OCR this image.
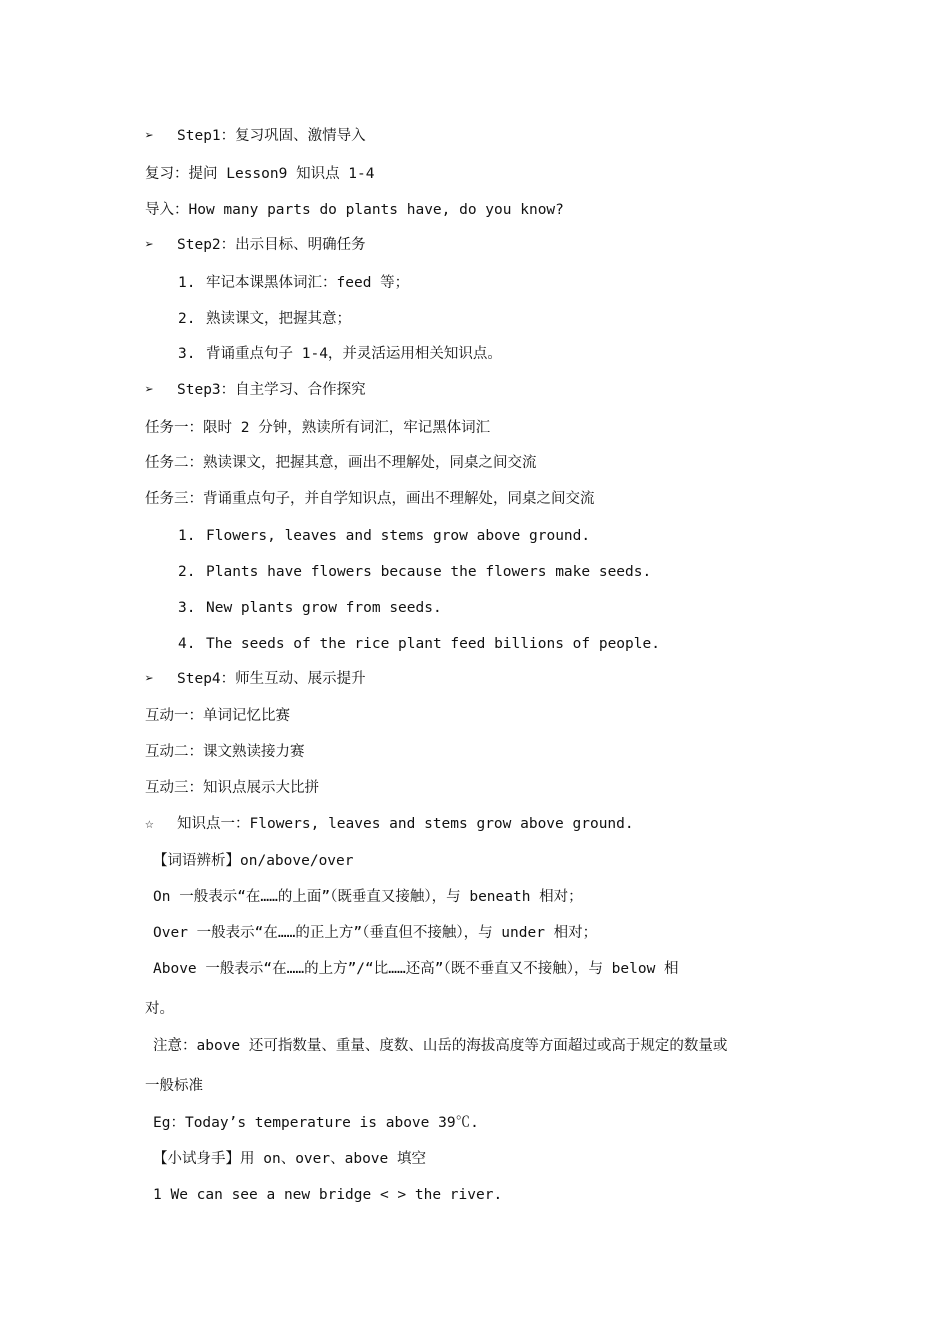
➢ Step1：复习巩固、激情导入
复习：提问 Lesson9 知识点 1-4
导入：How many parts do plants have, do you know?
➢ Step2：出示目标、明确任务
1. 牢记本课黑体词汇：feed 等；
2. 熟读课文，把握其意；
3. 背诵重点句子 1-4，并灵活运用相关知识点。
➢ Step3：自主学习、合作探究
任务一：限时 2 分钟，熟读所有词汇，牢记黑体词汇
任务二：熟读课文，把握其意，画出不理解处，同桌之间交流
任务三：背诵重点句子，并自学知识点，画出不理解处，同桌之间交流
1. Flowers, leaves and stems grow above ground.
2. Plants have flowers because the flowers make seeds.
3. New plants grow from seeds.
4. The seeds of the rice plant feed billions of people.
➢ Step4：师生互动、展示提升
互动一：单词记忆比赛
互动二：课文熟读接力赛
互动三：知识点展示大比拼
☆ 知识点一：Flowers, leaves and stems grow above ground.
【词语辨析】on/above/over
On 一般表示“在……的上面”（既垂直又接触），与 beneath 相对；
Over 一般表示“在……的正上方”（垂直但不接触），与 under 相对；
Above 一般表示“在……的上方”/“比……还高”（既不垂直又不接触），与 below 相
对。
注意：above 还可指数量、重量、度数、山岳的海拔高度等方面超过或高于规定的数量或
一般标准
Eg：Today’s temperature is above 39℃.
【小试身手】用 on、over、above 填空
1 We can see a new bridge < > the river.
